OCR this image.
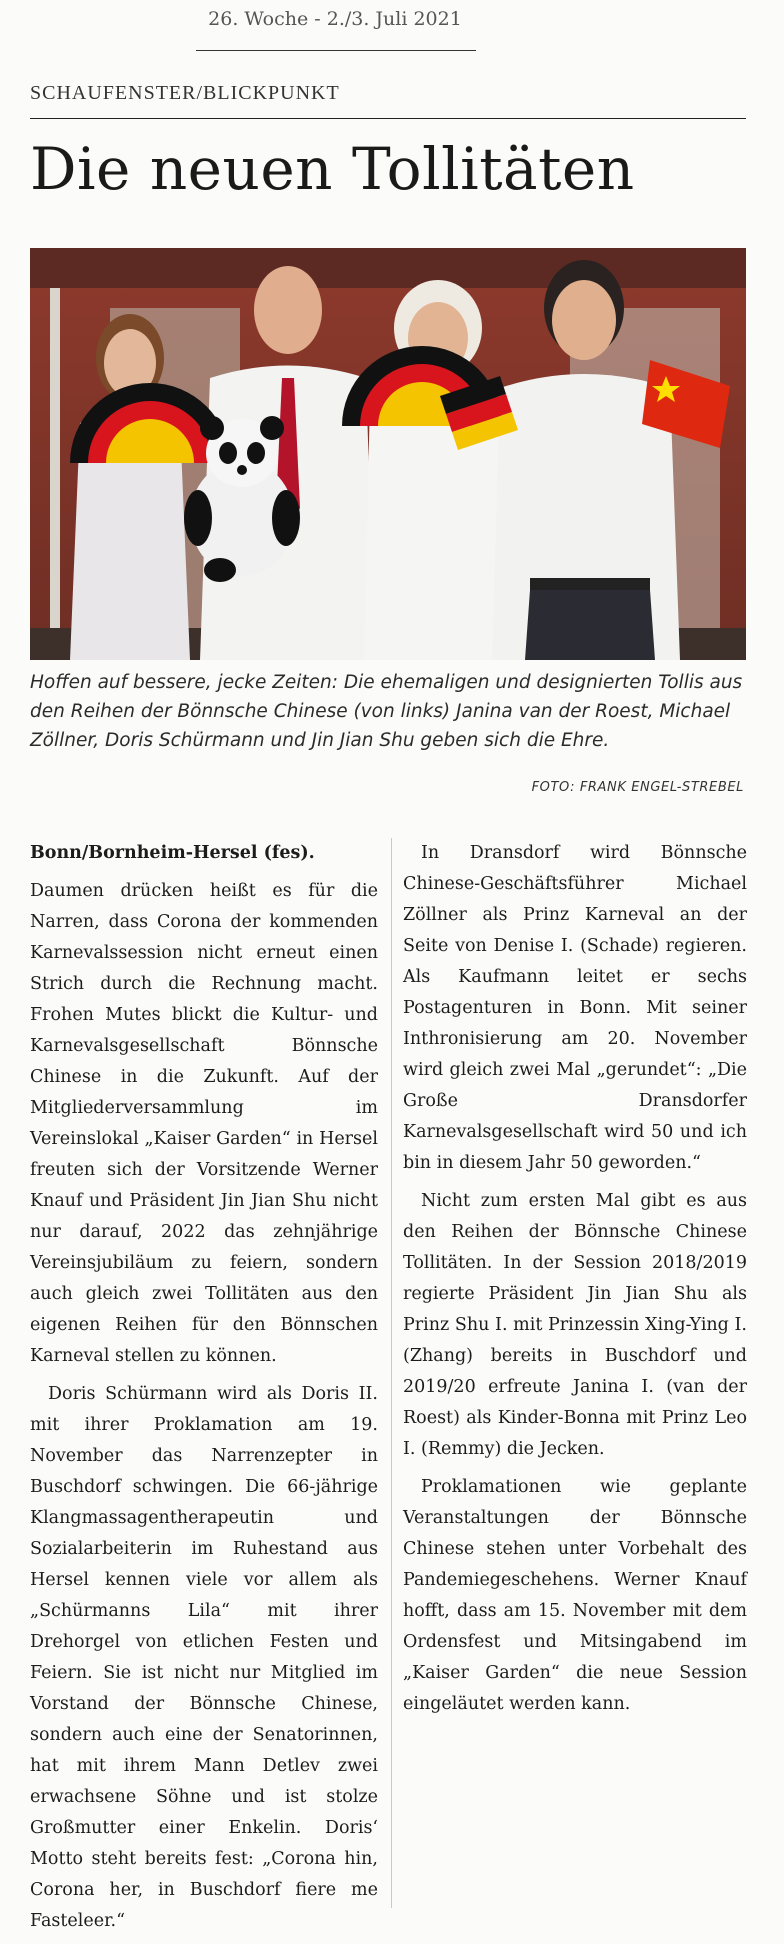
26. Woche - 2./3. Juli 2021
SCHAUFENSTER/BLICKPUNKT
Die neuen Tollitäten
Hoffen auf bessere, jecke Zeiten: Die ehemaligen und designierten Tollis aus den Reihen der Bönnsche Chinese (von links) Janina van der Roest, Michael Zöllner, Doris Schürmann und Jin Jian Shu geben sich die Ehre.
FOTO: FRANK ENGEL-STREBEL

Bonn/Bornheim-Hersel (fes).

Daumen drücken heißt es für die Narren, dass Corona der kommenden Karnevalssession nicht erneut einen Strich durch die Rechnung macht. Frohen Mutes blickt die Kultur- und Karnevalsgesellschaft Bönnsche Chinese in die Zukunft. Auf der Mitgliederversammlung im Vereinslokal „Kaiser Garden“ in Hersel freuten sich der Vorsitzende Werner Knauf und Präsident Jin Jian Shu nicht nur darauf, 2022 das zehnjährige Vereinsjubiläum zu feiern, sondern auch gleich zwei Tollitäten aus den eigenen Reihen für den Bönnschen Karneval stellen zu können.

Doris Schürmann wird als Doris II. mit ihrer Proklamation am 19. November das Narrenzepter in Buschdorf schwingen. Die 66-jährige Klangmassagentherapeutin und Sozialarbeiterin im Ruhestand aus Hersel kennen viele vor allem als „Schürmanns Lila“ mit ihrer Drehorgel von etlichen Festen und Feiern. Sie ist nicht nur Mitglied im Vorstand der Bönnsche Chinese, sondern auch eine der Senatorinnen, hat mit ihrem Mann Detlev zwei erwachsene Söhne und ist stolze Großmutter einer Enkelin. Doris‘ Motto steht bereits fest: „Corona hin, Corona her, in Buschdorf fiere me Fasteleer.“

In Dransdorf wird Bönnsche Chinese-Geschäftsführer Michael Zöllner als Prinz Karneval an der Seite von Denise I. (Schade) regieren. Als Kaufmann leitet er sechs Postagenturen in Bonn. Mit seiner Inthronisierung am 20. November wird gleich zwei Mal „gerundet“: „Die Große Dransdorfer Karnevalsgesellschaft wird 50 und ich bin in diesem Jahr 50 geworden.“

Nicht zum ersten Mal gibt es aus den Reihen der Bönnsche Chinese Tollitäten. In der Session 2018/2019 regierte Präsident Jin Jian Shu als Prinz Shu I. mit Prinzessin Xing-Ying I. (Zhang) bereits in Buschdorf und 2019/20 erfreute Janina I. (van der Roest) als Kinder-Bonna mit Prinz Leo I. (Remmy) die Jecken.

Proklamationen wie geplante Veranstaltungen der Bönnsche Chinese stehen unter Vorbehalt des Pandemiegeschehens. Werner Knauf hofft, dass am 15. November mit dem Ordensfest und Mitsingabend im „Kaiser Garden“ die neue Session eingeläutet werden kann.
